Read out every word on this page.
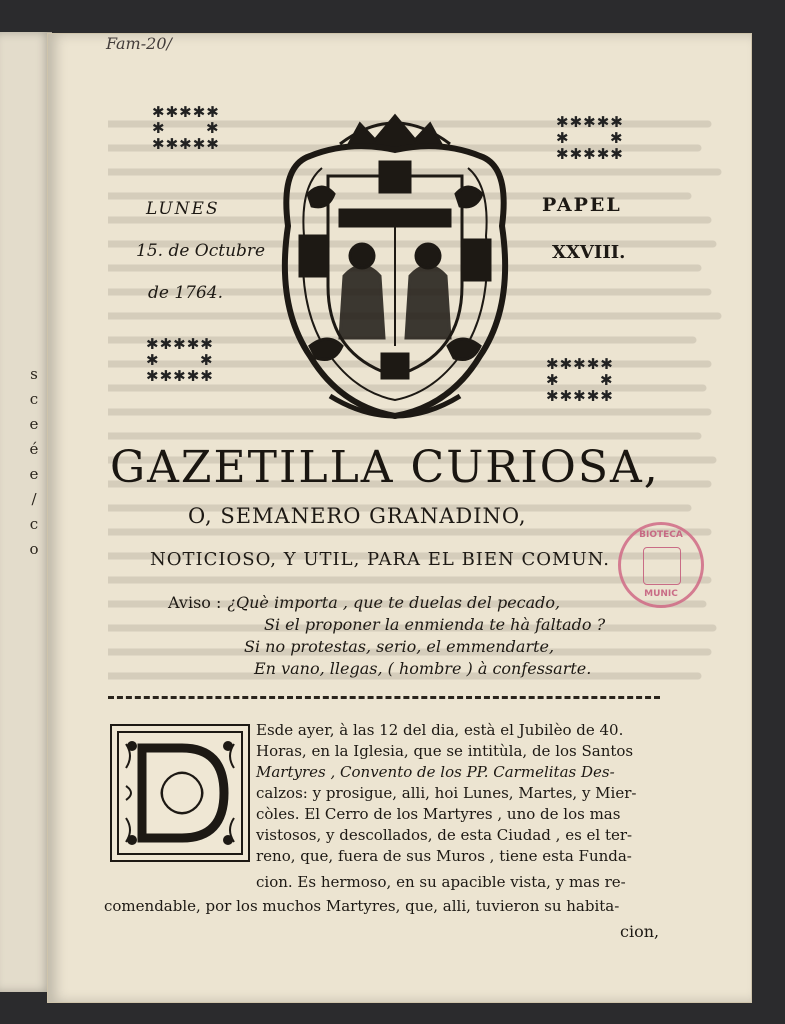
s
c
e
é
e
/
c
o
Fam-20/
✱✱✱✱✱
✱       ✱
✱✱✱✱✱
✱✱✱✱✱
✱       ✱
✱✱✱✱✱
✱✱✱✱✱
✱       ✱
✱✱✱✱✱
✱✱✱✱✱
✱       ✱
✱✱✱✱✱
LUNES
15. de Octubre
de 1764.
PAPEL
XXVIII.
GAZETILLA CURIOSA,
O, SEMANERO GRANADINO,
NOTICIOSO, Y UTIL, PARA EL BIEN COMUN.
BIOTECA
MUNIC
Aviso : ¿Què importa , que te duelas del pecado,
Si el proponer la enmienda te hà faltado ?
Si no protestas, serio, el emmendarte,
En vano, llegas, ( hombre ) à confessarte.
Esde ayer, à las 12 del dia, està el Jubilèo de 40.
Horas, en la Iglesia, que se intitùla, de los Santos
Martyres , Convento de los PP. Carmelitas Des-
calzos: y prosigue, alli, hoi Lunes, Martes, y Mier-
còles. El Cerro de los Martyres , uno de los mas
vistosos, y descollados, de esta Ciudad , es el ter-
reno, que, fuera de sus Muros , tiene esta Funda-
cion. Es hermoso, en su apacible vista, y mas re-
comendable, por los muchos Martyres, que, alli, tuvieron su habita-
cion,
